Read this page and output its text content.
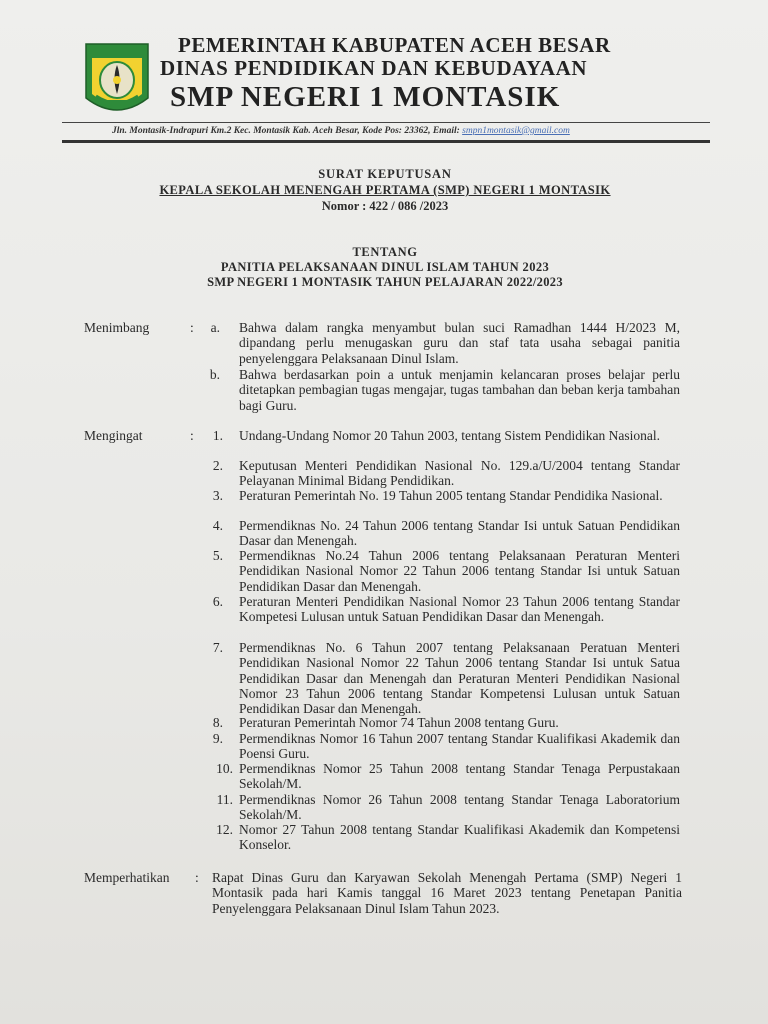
PEMERINTAH KABUPATEN ACEH BESAR
DINAS PENDIDIKAN DAN KEBUDAYAAN
SMP NEGERI 1 MONTASIK
Jln. Montasik-Indrapuri Km.2 Kec. Montasik Kab. Aceh Besar, Kode Pos: 23362, Email: smpn1montasik@gmail.com
SURAT KEPUTUSAN
KEPALA SEKOLAH MENENGAH PERTAMA (SMP) NEGERI 1 MONTASIK
Nomor : 422 / 086 /2023
TENTANG
PANITIA PELAKSANAAN DINUL ISLAM TAHUN 2023
SMP NEGERI 1 MONTASIK TAHUN PELAJARAN 2022/2023
Menimbang	:	a. Bahwa dalam rangka menyambut bulan suci Ramadhan 1444 H/2023 M, dipandang perlu menugaskan guru dan staf tata usaha sebagai panitia penyelenggara Pelaksanaan Dinul Islam.
b. Bahwa berdasarkan poin a untuk menjamin kelancaran proses belajar perlu ditetapkan pembagian tugas mengajar, tugas tambahan dan beban kerja tambahan bagi Guru.
Mengingat	:	1. Undang-Undang Nomor 20 Tahun 2003, tentang Sistem Pendidikan Nasional.
2. Keputusan Menteri Pendidikan Nasional No. 129.a/U/2004 tentang Standar Pelayanan Minimal Bidang Pendidikan.
3. Peraturan Pemerintah No. 19 Tahun 2005 tentang Standar Pendidika Nasional.
4. Permendiknas No. 24 Tahun 2006 tentang Standar Isi untuk Satuan Pendidikan Dasar dan Menengah.
5. Permendiknas No.24 Tahun 2006 tentang Pelaksanaan Peraturan Menteri Pendidikan Nasional Nomor 22 Tahun 2006 tentang Standar Isi untuk Satuan Pendidikan Dasar dan Menengah.
6. Peraturan Menteri Pendidikan Nasional Nomor 23 Tahun 2006 tentang Standar Kompetesi Lulusan untuk Satuan Pendidikan Dasar dan Menengah.
7. Permendiknas No. 6 Tahun 2007 tentang Pelaksanaan Peratuan Menteri Pendidikan Nasional Nomor 22 Tahun 2006 tentang Standar Isi untuk Satua Pendidikan Dasar dan Menengah dan Peraturan Menteri Pendidikan Nasional Nomor 23 Tahun 2006 tentang Standar Kompetensi Lulusan untuk Satuan Pendidikan Dasar dan Menengah.
8. Peraturan Pemerintah Nomor 74 Tahun 2008 tentang Guru.
9. Permendiknas Nomor 16 Tahun 2007 tentang Standar Kualifikasi Akademik dan Poensi Guru.
10. Permendiknas Nomor 25 Tahun 2008 tentang Standar Tenaga Perpustakaan Sekolah/M.
11. Permendiknas Nomor 26 Tahun 2008 tentang Standar Tenaga Laboratorium Sekolah/M.
12. Nomor 27 Tahun 2008 tentang Standar Kualifikasi Akademik dan Kompetensi Konselor.
Memperhatikan : Rapat Dinas Guru dan Karyawan Sekolah Menengah Pertama (SMP) Negeri 1 Montasik pada hari Kamis tanggal 16 Maret 2023 tentang Penetapan Panitia Penyelenggara Pelaksanaan Dinul Islam Tahun 2023.
